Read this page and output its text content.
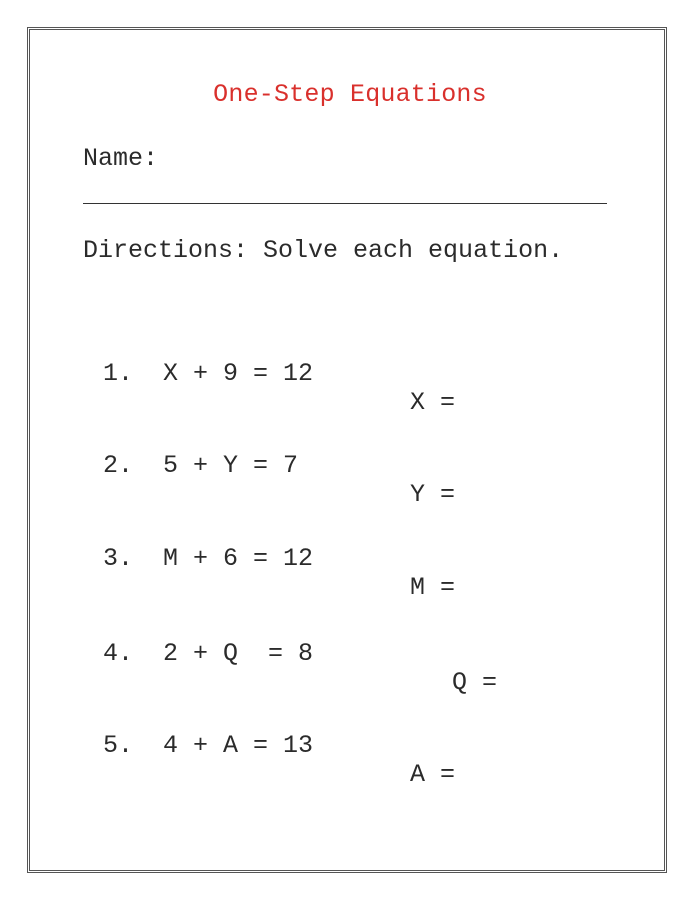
One-Step Equations
Name:
Directions: Solve each equation.

1.  X + 9 = 12

X =

2.  5 + Y = 7

Y =

3.  M + 6 = 12

M =

4.  2 + Q  = 8

Q =

5.  4 + A = 13

A =
